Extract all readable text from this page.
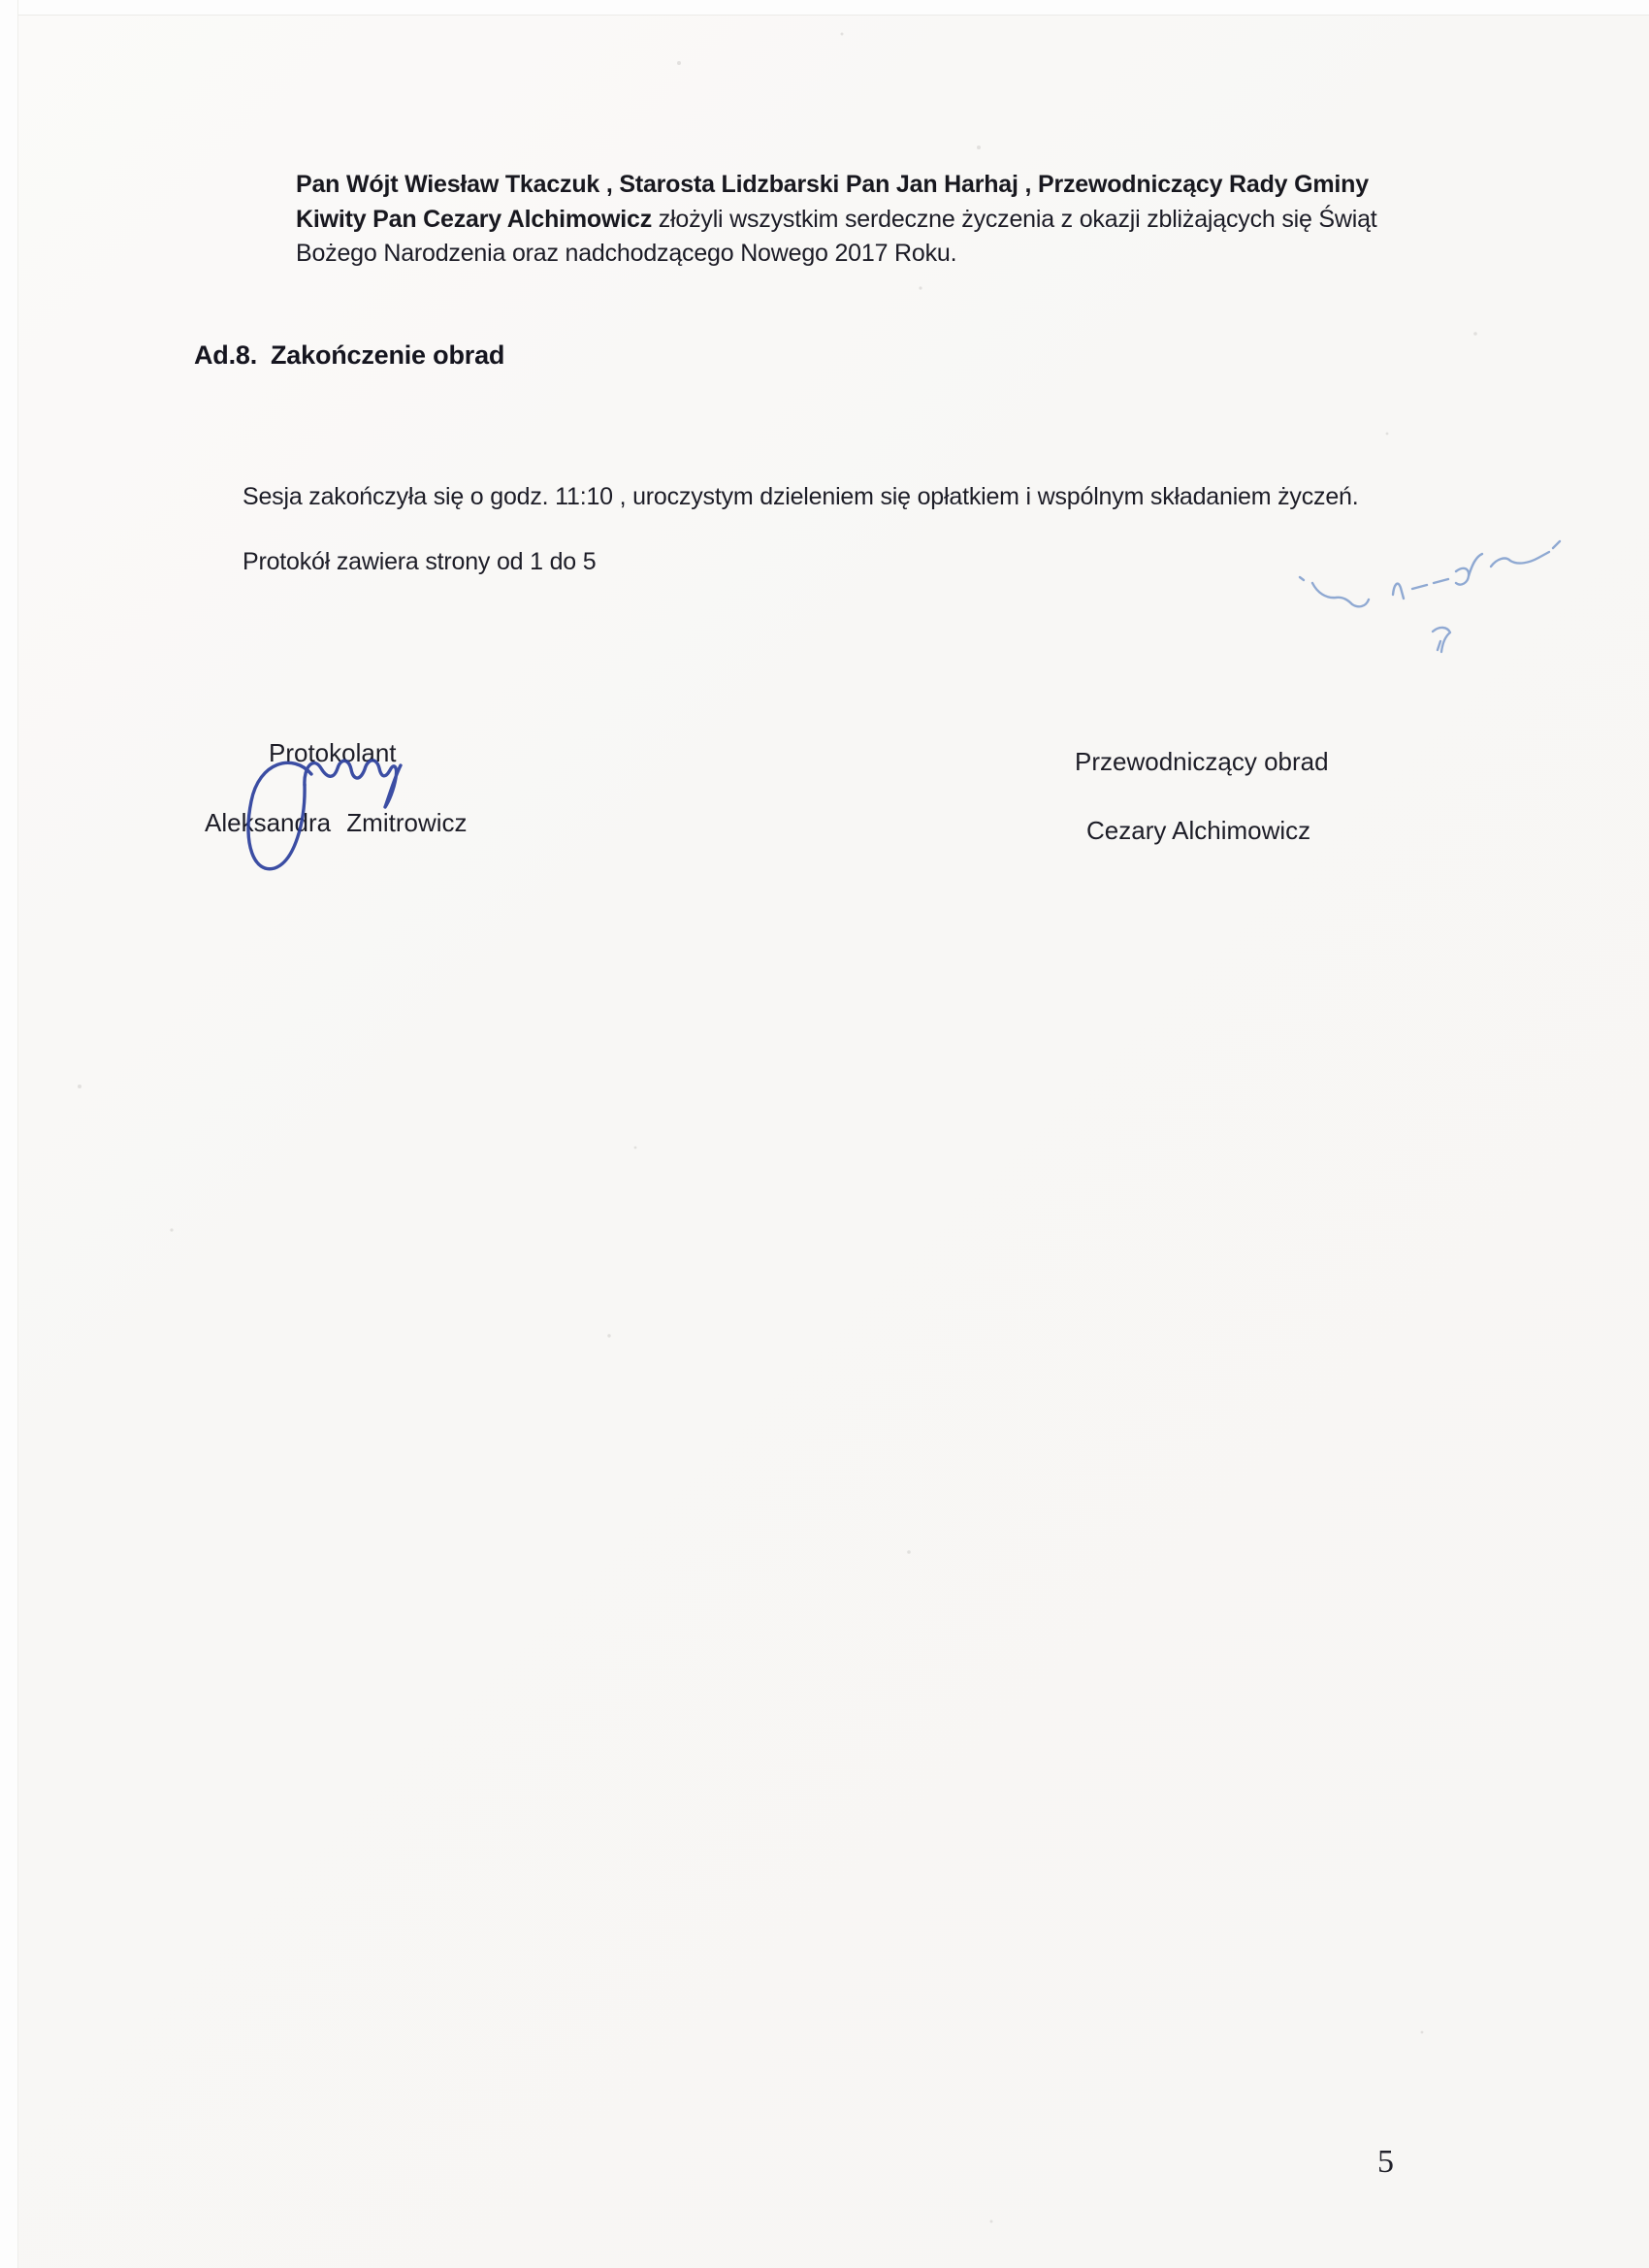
Pan Wójt Wiesław Tkaczuk , Starosta Lidzbarski Pan Jan Harhaj , Przewodniczący Rady Gminy Kiwity Pan Cezary Alchimowicz złożyli wszystkim serdeczne życzenia z okazji zbliżających się Świąt Bożego Narodzenia oraz nadchodzącego Nowego 2017 Roku.
Ad.8. Zakończenie obrad
Sesja zakończyła się o godz. 11:10 , uroczystym dzieleniem się opłatkiem i wspólnym składaniem życzeń.
Protokół zawiera strony od 1 do 5
Protokolant
Aleksandra Zmitrowicz
Przewodniczący obrad
Cezary Alchimowicz
5
